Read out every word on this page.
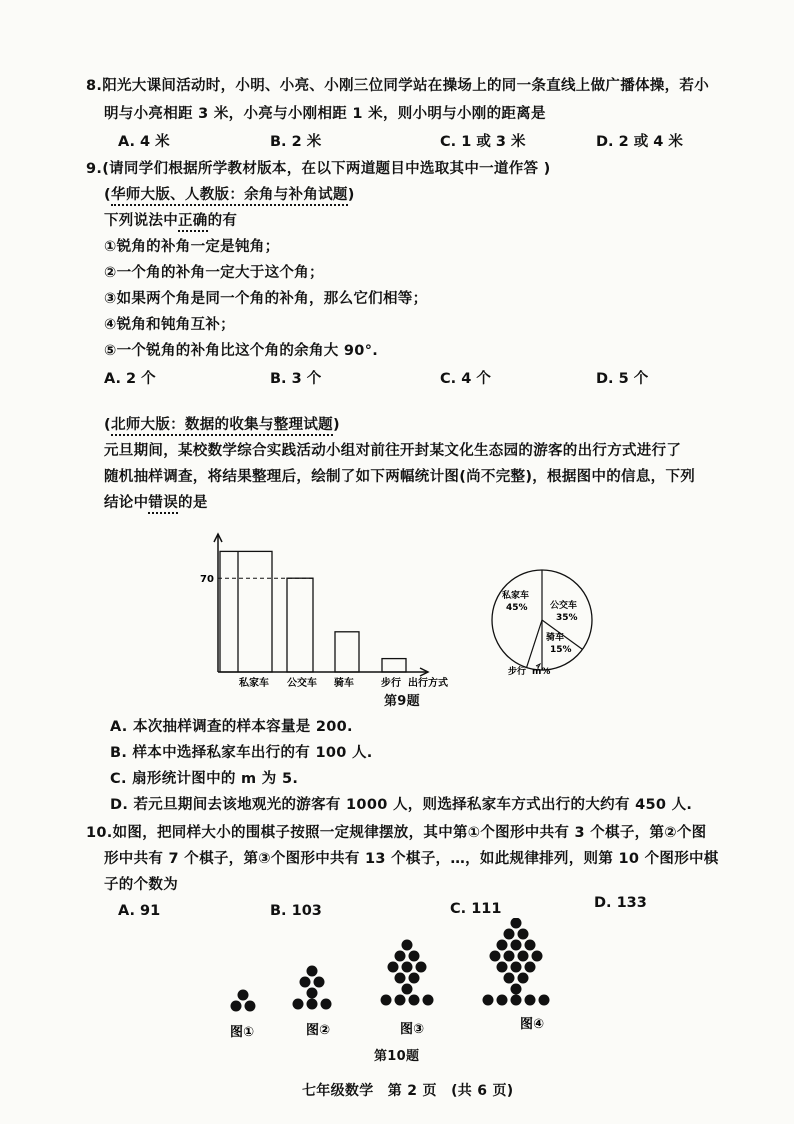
8.阳光大课间活动时，小明、小亮、小刚三位同学站在操场上的同一条直线上做广播体操，若小
明与小亮相距 3 米，小亮与小刚相距 1 米，则小明与小刚的距离是
A. 4 米	B. 2 米	C. 1 或 3 米	D. 2 或 4 米
9.(请同学们根据所学教材版本，在以下两道题目中选取其中一道作答 )
(华师大版、人教版：余角与补角试题)
下列说法中正确的有
①锐角的补角一定是钝角；
②一个角的补角一定大于这个角；
③如果两个角是同一个角的补角，那么它们相等；
④锐角和钝角互补；
⑤一个锐角的补角比这个角的余角大 90°.
A. 2 个	B. 3 个	C. 4 个	D. 5 个
(北师大版：数据的收集与整理试题)
元旦期间，某校数学综合实践活动小组对前往开封某文化生态园的游客的出行方式进行了
随机抽样调查，将结果整理后，绘制了如下两幅统计图(尚不完整)，根据图中的信息，下列
结论中错误的是
私家车 公交车 骑车	步行
70
出行方式
私家车
45% 公交车
35%
骑车
15%
步行 m%
第9题
A. 本次抽样调查的样本容量是 200.
B. 样本中选择私家车出行的有 100 人.
C. 扇形统计图中的 m 为 5.
D. 若元旦期间去该地观光的游客有 1000 人，则选择私家车方式出行的大约有 450 人.
10.如图，把同样大小的围棋子按照一定规律摆放，其中第①个图形中共有 3 个棋子，第②个图
形中共有 7 个棋子，第③个图形中共有 13 个棋子，…，如此规律排列，则第 10 个图形中棋
子的个数为
A. 91	B. 103	C. 111	D. 133
图①	图②	图③	图④
第10题
七年级数学　第 2 页　(共 6 页)
